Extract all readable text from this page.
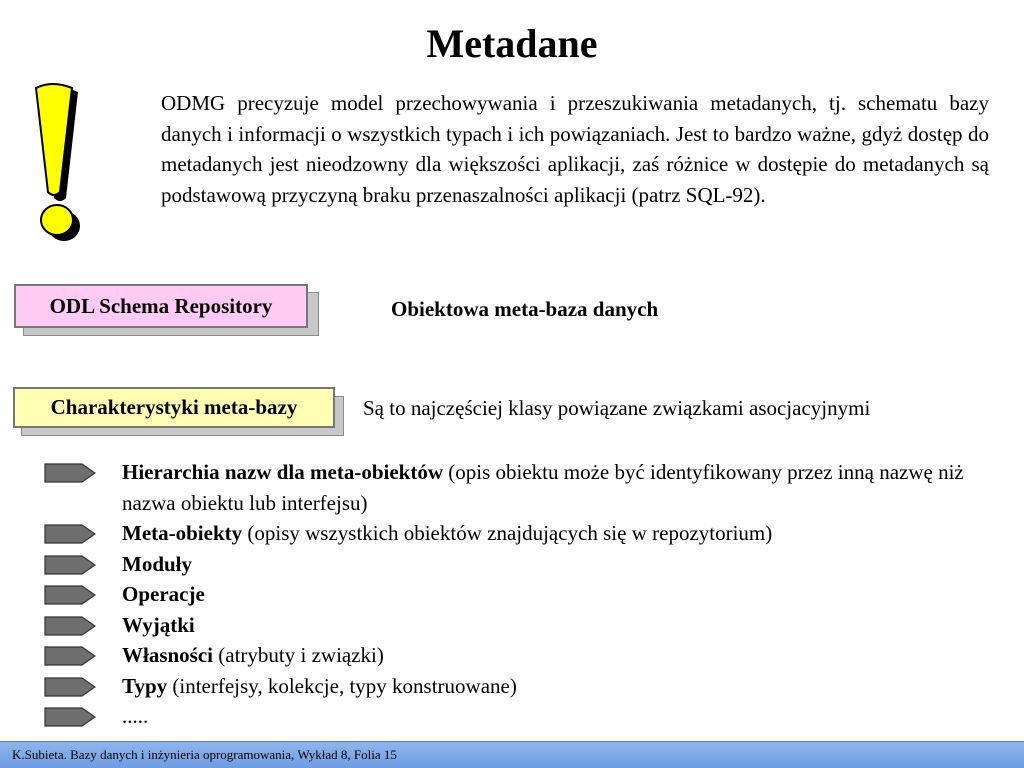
Metadane
ODMG precyzuje model przechowywania i przeszukiwania metadanych, tj. schematu bazy danych i informacji o wszystkich typach i ich powiązaniach. Jest to bardzo ważne, gdyż dostęp do metadanych jest nieodzowny dla większości aplikacji, zaś różnice w dostępie do metadanych są podstawową przyczyną braku przenaszalności aplikacji (patrz SQL-92).
ODL Schema Repository	Obiektowa meta-baza danych
Charakterystyki meta-bazy	Są to najczęściej klasy powiązane związkami asocjacyjnymi
Hierarchia nazw dla meta-obiektów (opis obiektu może być identyfikowany przez inną nazwę niż nazwa obiektu lub interfejsu)
Meta-obiekty (opisy wszystkich obiektów znajdujących się w repozytorium)
Moduły
Operacje
Wyjątki
Własności (atrybuty i związki)
Typy (interfejsy, kolekcje, typy konstruowane)
.....
K.Subieta. Bazy danych i inżynieria oprogramowania, Wykład 8, Folia 15
